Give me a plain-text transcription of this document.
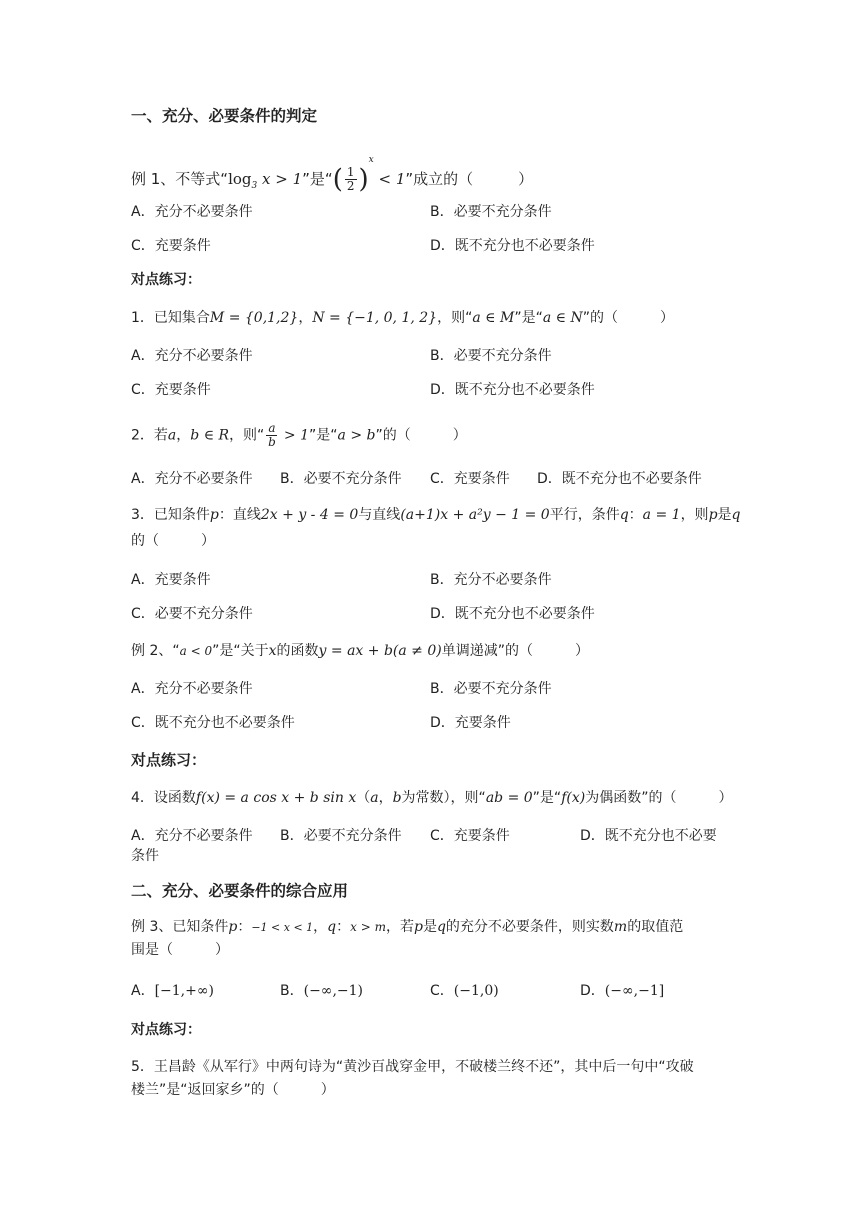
一、充分、必要条件的判定
例 1、不等式“$\log_3$ x > 1”是“( $\frac{1}{2} )^x < 1$”成立的（　　　）
A．充分不必要条件	B．必要不充分条件
C．充要条件	D．既不充分也不必要条件
对点练习：
1．已知集合M = {0,1,2}，N = {−1, 0, 1, 2}，则“a ∈ M”是“a ∈ N”的（　　　）
A．充分不必要条件	B．必要不充分条件
C．充要条件	D．既不充分也不必要条件
2．若a，b ∈ R，则“ $\frac{a}{b} > 1$”是“a > b”的（　　　）
A．充分不必要条件 B．必要不充分条件 C．充要条件 D．既不充分也不必要条件
3．已知条件p：直线2x + y - 4 = 0与直线(a+1)x + a²y − 1 = 0平行，条件q：a = 1，则p是q
的（　　　）
A．充要条件	B．充分不必要条件
C．必要不充分条件	D．既不充分也不必要条件
例 2、“a < 0”是“关于x的函数y = ax + b(a ≠ 0)单调递减”的（　　　）
A．充分不必要条件	B．必要不充分条件
C．既不充分也不必要条件	D．充要条件
对点练习：
4．设函数f(x) = a cos x + b sin x（a，b为常数），则“ab = 0”是“f(x)为偶函数”的（　　　）
A．充分不必要条件 B．必要不充分条件 C．充要条件	D．既不充分也不必要
条件
二、充分、必要条件的综合应用
例 3、已知条件p：−1 < x < 1，q：x > m，若p是q的充分不必要条件，则实数m的取值范
围是（　　　）
A．[−1,+∞)	B．(−∞,−1)	C．(−1,0)	D．(−∞,−1]
对点练习：
5．王昌龄《从军行》中两句诗为“黄沙百战穿金甲，不破楼兰终不还”，其中后一句中“攻破
楼兰”是“返回家乡”的（　　　）
